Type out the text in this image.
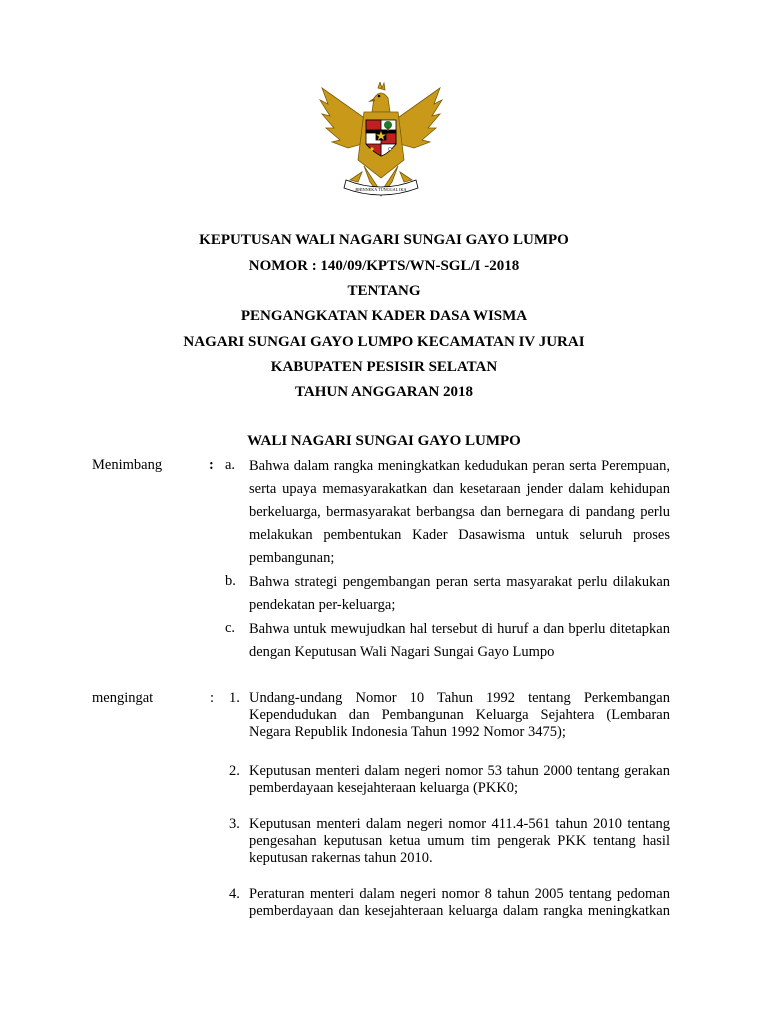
BHINNEKA TUNGGAL IKA
KEPUTUSAN WALI NAGARI SUNGAI GAYO LUMPO
NOMOR : 140/09/KPTS/WN-SGL/I -2018
TENTANG
PENGANGKATAN KADER DASA WISMA
NAGARI SUNGAI GAYO LUMPO KECAMATAN IV JURAI
KABUPATEN PESISIR SELATAN
TAHUN ANGGARAN 2018
WALI NAGARI SUNGAI GAYO LUMPO
Menimbang	: a. Bahwa dalam rangka meningkatkan kedudukan peran serta Perempuan, serta upaya memasyarakatkan dan kesetaraan jender dalam kehidupan berkeluarga, bermasyarakat berbangsa dan bernegara di pandang perlu melakukan pembentukan Kader Dasawisma untuk seluruh proses pembangunan;
b. Bahwa strategi pengembangan peran serta masyarakat perlu dilakukan pendekatan per-keluarga;
c. Bahwa untuk mewujudkan hal tersebut di huruf a dan bperlu ditetapkan dengan Keputusan Wali Nagari Sungai Gayo Lumpo
mengingat	: 1. Undang-undang Nomor 10 Tahun 1992 tentang Perkembangan Kependudukan dan Pembangunan Keluarga Sejahtera (Lembaran Negara Republik Indonesia Tahun 1992 Nomor 3475);
2. Keputusan menteri dalam negeri nomor 53 tahun 2000 tentang gerakan pemberdayaan kesejahteraan keluarga (PKK0;
3. Keputusan menteri dalam negeri nomor 411.4-561 tahun 2010 tentang pengesahan keputusan ketua umum tim pengerak PKK tentang hasil keputusan rakernas tahun 2010.
4. Peraturan menteri dalam negeri nomor 8 tahun 2005 tentang pedoman pemberdayaan dan kesejahteraan keluarga dalam rangka meningkatkan
